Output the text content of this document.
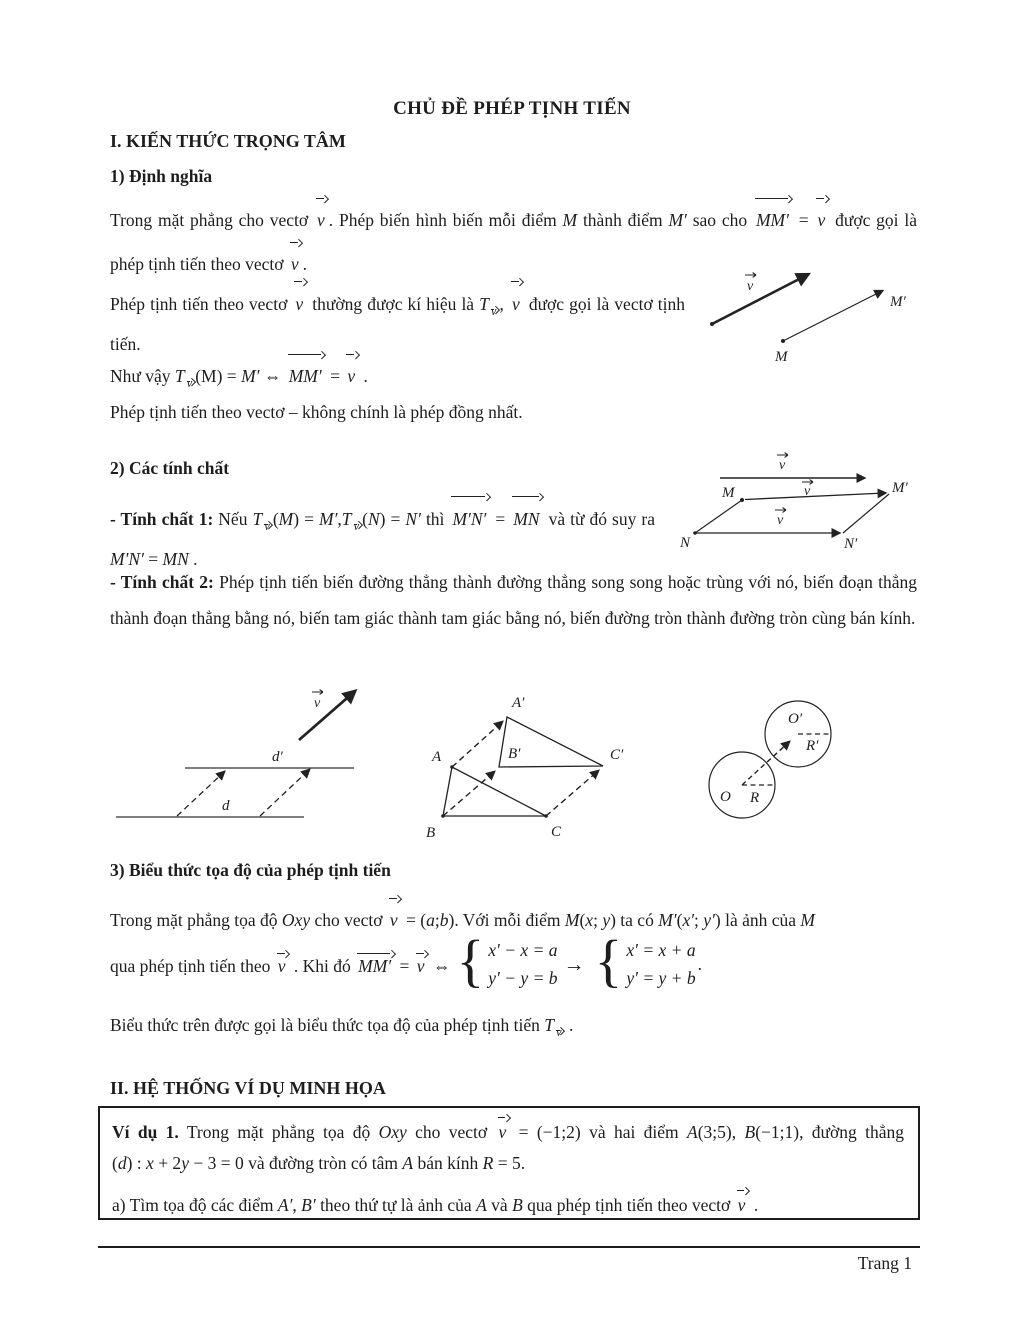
CHỦ ĐỀ PHÉP TỊNH TIẾN
I. KIẾN THỨC TRỌNG TÂM
1) Định nghĩa

Trong mặt phẳng cho vectơ v . Phép biến hình biến mỗi điểm M thành điểm M′ sao cho MM′ = v được gọi là phép tịnh tiến theo vectơ v .

Phép tịnh tiến theo vectơ v thường được kí hiệu là T $_v$ , v được gọi là vectơ tịnh tiến.

v
M
M′

Như vậy T $_v$ (M) = M′ ⇔ MM′ = v .

Phép tịnh tiến theo vectơ – không chính là phép đồng nhất.

2) Các tính chất	v
v
v
M	M′
N	N′

- Tính chất 1: Nếu T $_v$ (M) = M′,T $_v$ (N) = N′ thì M′N′ = MN và từ đó suy ra M′N′ = MN .

- Tính chất 2: Phép tịnh tiến biến đường thẳng thành đường thẳng song song hoặc trùng với nó, biến đoạn thẳng thành đoạn thẳng bằng nó, biến tam giác thành tam giác bằng nó, biến đường tròn thành đường tròn cùng bán kính.

v
d
d′	A
B	C
A′
B′	C′
O R
O′
R′
3) Biểu thức tọa độ của phép tịnh tiến

Trong mặt phẳng tọa độ Oxy cho vectơ v = (a;b). Với mỗi điểm M(x; y) ta có M′(x′; y′) là ảnh của M

qua phép tịnh tiến theo v . Khi đó MM′ = v ⇔ { x′ − x = a
y′ − y = b
→ { x′ = x + a
y′ = y + b
.

Biểu thức trên được gọi là biểu thức tọa độ của phép tịnh tiến T $_v$ .

II. HỆ THỐNG VÍ DỤ MINH HỌA

Ví dụ 1. Trong mặt phẳng tọa độ Oxy cho vectơ v = (−1;2) và hai điểm A(3;5), B(−1;1), đường thẳng

(d) : x + 2y − 3 = 0 và đường tròn có tâm A bán kính R = 5.

a) Tìm tọa độ các điểm A′, B′ theo thứ tự là ảnh của A và B qua phép tịnh tiến theo vectơ v .

Trang 1
